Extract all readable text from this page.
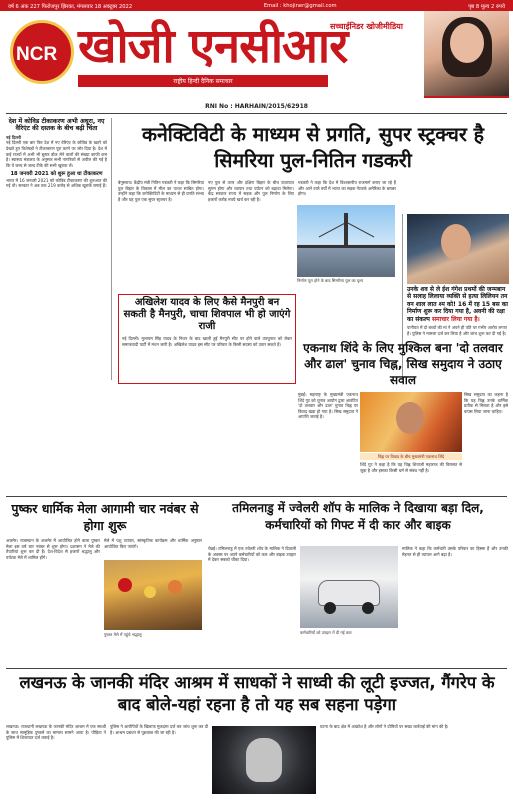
वर्ष 6 अंक 227 फिरोजपुर झिरका, मंगलवार 18 अक्टूबर 2022	Email : khojiner@gmail.com	पृष्ठ 8 मूल्य 2 रुपये
NCR खोजी एनसीआर
सच्चाईनिडर खोजीमीडिया
राष्ट्रीय हिन्दी दैनिक समाचार
RNI No : HARHAIN/2015/62918
देश में कोविड टीकाकरण अभी अधूरा, नए वैरिएंट की दस्तक के बीच बढ़ी चिंता

नई दिल्ली

नई दिल्ली एक बार फिर देश में नए वेरिएंट के कोविड के खतरे को देखते हुए विशेषज्ञों ने टीकाकरण पूरा करने पर जोर दिया है। देश में कई राज्यों में अभी भी बूस्टर डोज लेने वालों की संख्या काफी कम है। स्वास्थ्य मंत्रालय के अनुसार सभी नागरिकों से अपील की गई है कि वे जल्द से जल्द टीके की सभी खुराक लें।

18 जनवरी 2021 को शुरू हुआ था टीकाकरण

भारत में 16 जनवरी 2021 को कोविड टीकाकरण की शुरुआत की गई थी। सरकार ने अब तक 219 करोड़ से अधिक खुराकें लगाई हैं।

कनेक्टिविटी के माध्यम से प्रगति, सुपर स्ट्रक्चर है सिमरिया पुल-नितिन गडकरी
बेगूसराय। केंद्रीय मंत्री नितिन गडकरी ने कहा कि सिमरिया पुल बिहार के विकास में मील का पत्थर साबित होगा। उन्होंने कहा कि कनेक्टिविटी के माध्यम से ही प्रगति संभव है और यह पुल एक सुपर स्ट्रक्चर है।
नए पुल से उत्तर और दक्षिण बिहार के बीच यातायात सुगम होगा और व्यापार तथा पर्यटन को बढ़ावा मिलेगा। केंद्र सरकार राज्य में सड़क और पुल निर्माण के लिए हजारों करोड़ रुपये खर्च कर रही है।
गडकरी ने कहा कि देश में विश्वस्तरीय राजमार्ग बनाए जा रहे हैं और आने वाले वर्षों में भारत का सड़क नेटवर्क अमेरिका के बराबर होगा।
निर्माण पूरा होने के बाद सिमरिया पुल का दृश्य
उनके शव से ले ईश गंगेश प्रथमों की जन्मबान से सलाह लिलाया व्यक्ति से हत्या लिलियन तन वन शाल लात श्म को! 16 में रह 15 बस का निर्माण शुरू कर दिया गया है, अवनी की रक्षा का संकल्प समाचार लिया गया है।

पानीपत में दो बच्चों की मां ने अपने ही पति पर गंभीर आरोप लगाए हैं। पुलिस ने मामला दर्ज कर लिया है और जांच शुरू कर दी गई है।

अखिलेश यादव के लिए कैसे मैनपुरी बन सकती है मैनपुरी, चाचा शिवपाल भी हो जाएंगे राजी

नई दिल्ली। मुलायम सिंह यादव के निधन के बाद खाली हुई मैनपुरी सीट पर होने वाले उपचुनाव को लेकर समाजवादी पार्टी में मंथन जारी है। अखिलेश यादव इस सीट पर परिवार के किसी सदस्य को उतार सकते हैं।	एकनाथ शिंदे के लिए मुश्किल बना 'दो तलवार और ढाल' चुनाव चिह्न, सिख समुदाय ने उठाए सवाल
मुंबई। महाराष्ट्र के मुख्यमंत्री एकनाथ शिंदे गुट को चुनाव आयोग द्वारा आवंटित 'दो तलवार और ढाल' चुनाव चिह्न पर विवाद खड़ा हो गया है। सिख समुदाय ने आपत्ति जताई है।
सिख समुदाय का कहना है कि यह चिह्न उनके धार्मिक प्रतीक से मिलता है और इसे वापस लिया जाना चाहिए।
शिंदे गुट ने कहा है कि यह चिह्न शिवाजी महाराज की विरासत से जुड़ा है और इसका किसी धर्म से संबंध नहीं है।
चिह्न पर विवाद के बीच मुख्यमंत्री एकनाथ शिंदे
पुष्कर धार्मिक मेला आगामी चार नवंबर से होगा शुरू
अजमेर। राजस्थान के अजमेर में आयोजित होने वाला पुष्कर मेला इस वर्ष चार नवंबर से शुरू होगा। प्रशासन ने मेले की तैयारियां शुरू कर दी हैं। देश-विदेश से हजारों श्रद्धालु और पर्यटक मेले में शामिल होंगे।
मेले में पशु व्यापार, सांस्कृतिक कार्यक्रम और धार्मिक अनुष्ठान आयोजित किए जाएंगे।
पुष्कर मेले में पहुंचे श्रद्धालु
तमिलनाडु में ज्वेलरी शॉप के मालिक ने दिखाया बड़ा दिल, कर्मचारियों को गिफ्ट में दी कार और बाइक
चेन्नई। तमिलनाडु में एक ज्वेलरी शॉप के मालिक ने दिवाली के अवसर पर अपने कर्मचारियों को कार और बाइक उपहार में देकर सबको चौंका दिया।
मालिक ने कहा कि कर्मचारी उसके परिवार का हिस्सा हैं और उनकी मेहनत से ही व्यापार आगे बढ़ा है।
कर्मचारियों को उपहार में दी गई कार
लखनऊ के जानकी मंदिर आश्रम में साधकों ने साध्वी की लूटी इज्जत, गैंगरेप के बाद बोले-यहां रहना है तो यह सब सहना पड़ेगा
लखनऊ। राजधानी लखनऊ के जानकी मंदिर आश्रम में एक साध्वी के साथ सामूहिक दुष्कर्म का मामला सामने आया है। पीड़िता ने पुलिस में शिकायत दर्ज कराई है।
पुलिस ने आरोपियों के खिलाफ मुकदमा दर्ज कर जांच शुरू कर दी है। आश्रम प्रबंधन से पूछताछ की जा रही है।
घटना के बाद क्षेत्र में आक्रोश है और लोगों ने दोषियों पर सख्त कार्रवाई की मांग की है।
